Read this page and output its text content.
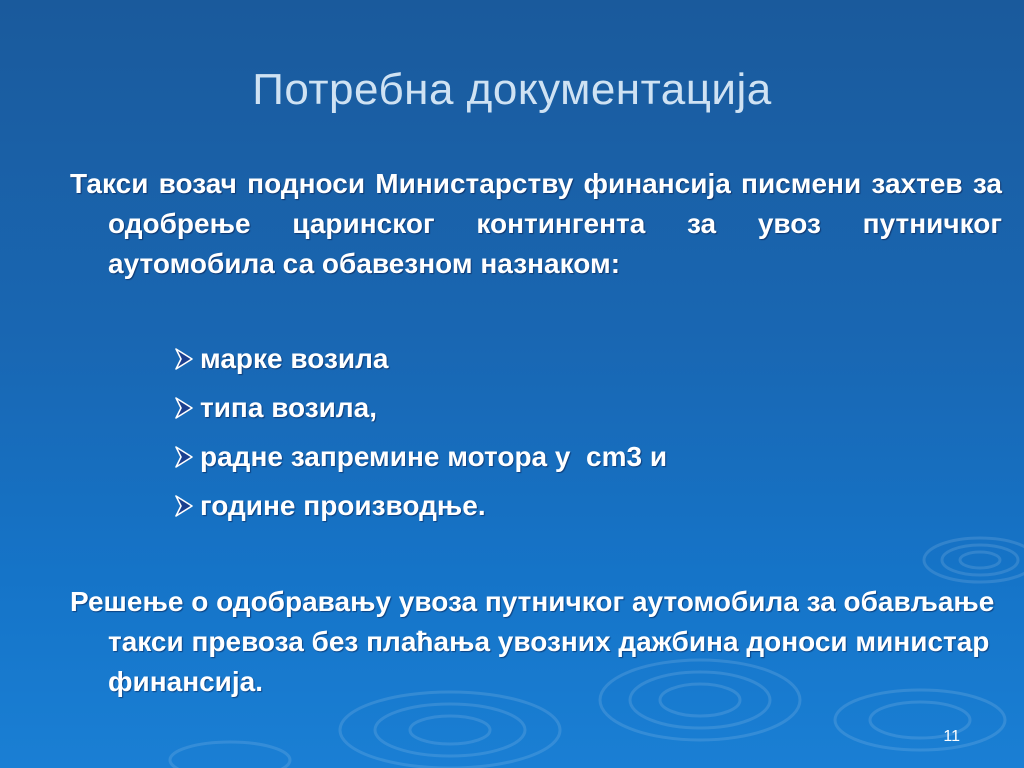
Потребна документација

Такси возач подноси Министарству финансија писмени захтев за одобрење царинског контингента за увоз путничког аутомобила са обавезном назнаком:

марке возила
типа возила,
радне запремине мотора у  cm3 и
године производње.

Решење о одобравању увоза путничког аутомобила за обављање такси превоза без плаћања увозних дажбина доноси министар финансија.

11
